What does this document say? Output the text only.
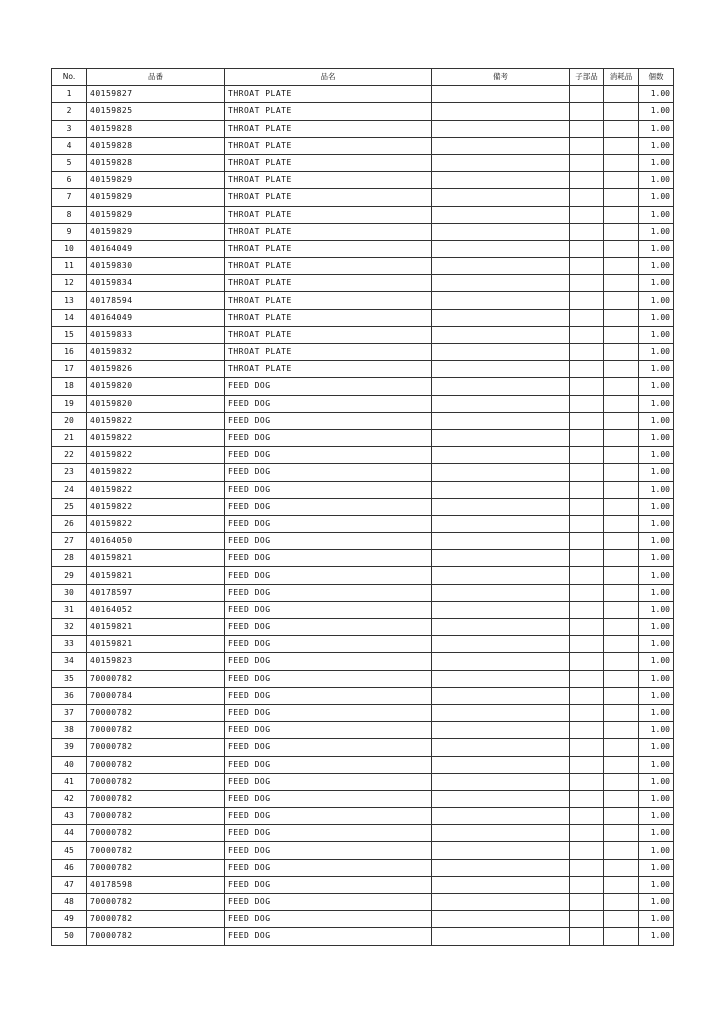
No.	品番	品名	備考	子部品	消耗品	個数
1	40159827	THROAT PLATE				1.00
2	40159825	THROAT PLATE				1.00
3	40159828	THROAT PLATE				1.00
4	40159828	THROAT PLATE				1.00
5	40159828	THROAT PLATE				1.00
6	40159829	THROAT PLATE				1.00
7	40159829	THROAT PLATE				1.00
8	40159829	THROAT PLATE				1.00
9	40159829	THROAT PLATE				1.00
10	40164049	THROAT PLATE				1.00
11	40159830	THROAT PLATE				1.00
12	40159834	THROAT PLATE				1.00
13	40178594	THROAT PLATE				1.00
14	40164049	THROAT PLATE				1.00
15	40159833	THROAT PLATE				1.00
16	40159832	THROAT PLATE				1.00
17	40159826	THROAT PLATE				1.00
18	40159820	FEED DOG				1.00
19	40159820	FEED DOG				1.00
20	40159822	FEED DOG				1.00
21	40159822	FEED DOG				1.00
22	40159822	FEED DOG				1.00
23	40159822	FEED DOG				1.00
24	40159822	FEED DOG				1.00
25	40159822	FEED DOG				1.00
26	40159822	FEED DOG				1.00
27	40164050	FEED DOG				1.00
28	40159821	FEED DOG				1.00
29	40159821	FEED DOG				1.00
30	40178597	FEED DOG				1.00
31	40164052	FEED DOG				1.00
32	40159821	FEED DOG				1.00
33	40159821	FEED DOG				1.00
34	40159823	FEED DOG				1.00
35	70000782	FEED DOG				1.00
36	70000784	FEED DOG				1.00
37	70000782	FEED DOG				1.00
38	70000782	FEED DOG				1.00
39	70000782	FEED DOG				1.00
40	70000782	FEED DOG				1.00
41	70000782	FEED DOG				1.00
42	70000782	FEED DOG				1.00
43	70000782	FEED DOG				1.00
44	70000782	FEED DOG				1.00
45	70000782	FEED DOG				1.00
46	70000782	FEED DOG				1.00
47	40178598	FEED DOG				1.00
48	70000782	FEED DOG				1.00
49	70000782	FEED DOG				1.00
50	70000782	FEED DOG				1.00
